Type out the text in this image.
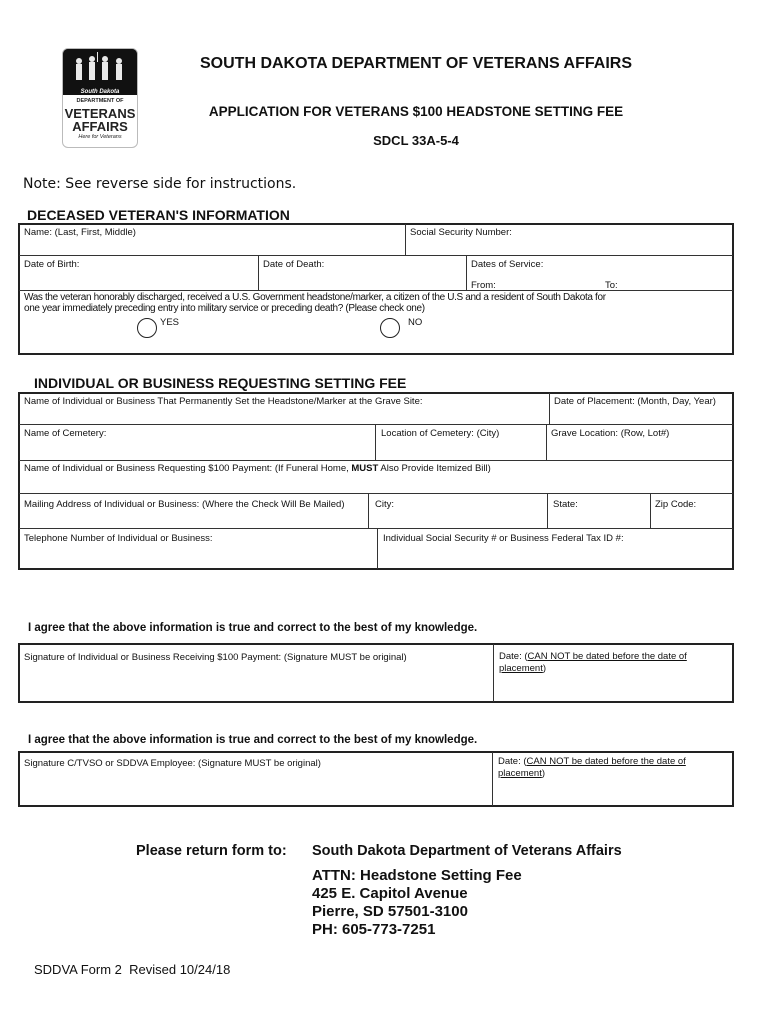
South Dakota
DEPARTMENT OF
VETERANS
AFFAIRS
Here for Veterans
SOUTH DAKOTA DEPARTMENT OF VETERANS AFFAIRS
APPLICATION FOR VETERANS $100 HEADSTONE SETTING FEE
SDCL 33A-5-4
Note: See reverse side for instructions.
DECEASED VETERAN'S INFORMATION
Name: (Last, First, Middle)	Social Security Number:
Date of Birth:	Date of Death:	Dates of Service:
From:	To:
Was the veteran honorably discharged, received a U.S. Government headstone/marker, a citizen of the U.S and a resident of South Dakota for
one year immediately preceding entry into military service or preceding death? (Please check one)
YES	NO
INDIVIDUAL OR BUSINESS REQUESTING SETTING FEE
Name of Individual or Business That Permanently Set the Headstone/Marker at the Grave Site:	Date of Placement: (Month, Day, Year)
Name of Cemetery:	Location of Cemetery: (City)	Grave Location: (Row, Lot#)
Name of Individual or Business Requesting $100 Payment: (If Funeral Home, MUST Also Provide Itemized Bill)
Mailing Address of Individual or Business: (Where the Check Will Be Mailed)	City:	State:	Zip Code:
Telephone Number of Individual or Business:	Individual Social Security # or Business Federal Tax ID #:
I agree that the above information is true and correct to the best of my knowledge.
Signature of Individual or Business Receiving $100 Payment: (Signature MUST be original)	Date: (CAN NOT be dated before the date of
placement)
I agree that the above information is true and correct to the best of my knowledge.
Signature C/TVSO or SDDVA Employee: (Signature MUST be original)	Date: (CAN NOT be dated before the date of
placement)
Please return form to: South Dakota Department of Veterans Affairs
ATTN: Headstone Setting Fee
425 E. Capitol Avenue
Pierre, SD 57501-3100
PH: 605-773-7251
SDDVA Form 2  Revised 10/24/18
